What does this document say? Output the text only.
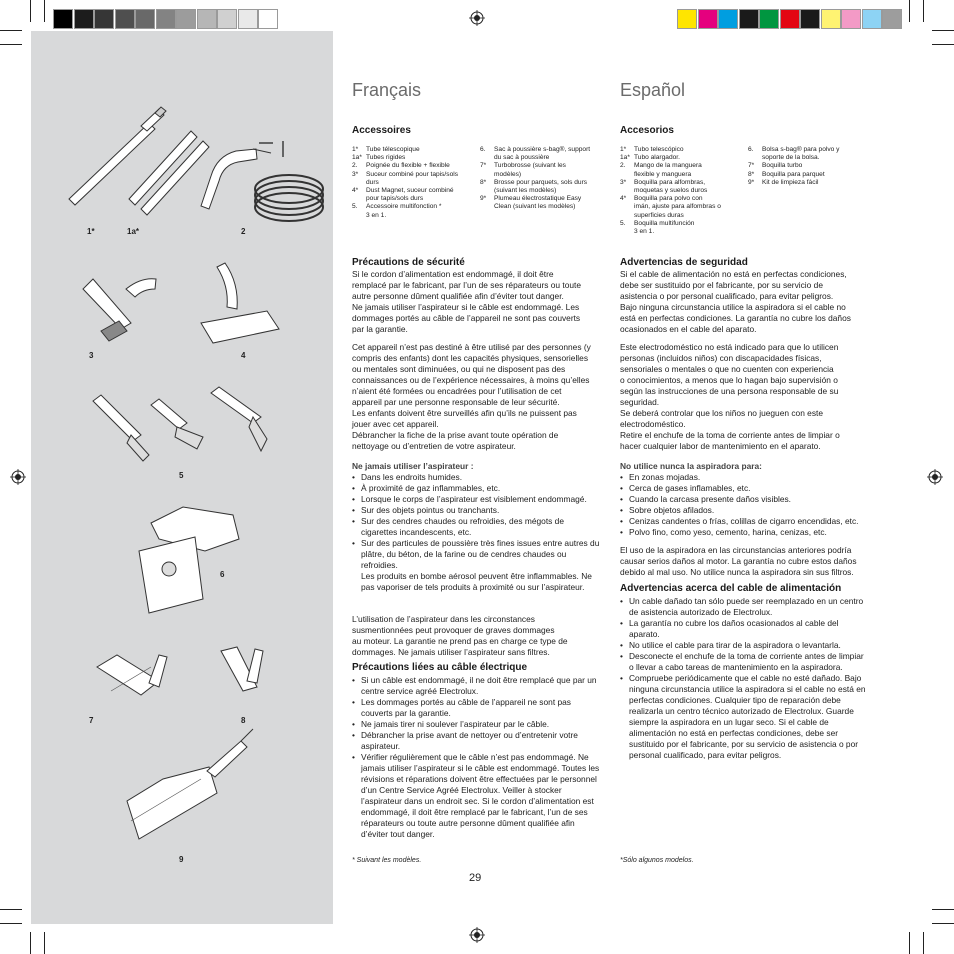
1*	1a*	2
3	4
5
6
7	8
9
Français
Accessoires
1*	Tube télescopique
1a* Tubes rigides
2.	Poignée du flexible + flexible
3*	Suceur combiné pour tapis/sols
durs
4*	Dust Magnet, suceur combiné
pour tapis/sols durs
5.	Accessoire multifonction *
3 en 1.
6.	Sac à poussière s-bag®, support
du sac à poussière
7*	Turbobrosse (suivant les
modèles)
8*	Brosse pour parquets, sols durs
(suivant les modèles)
9*	Plumeau électrostatique Easy
Clean (suivant les modèles)
Précautions de sécurité

Si le cordon d’alimentation est endommagé, il doit être

remplacé par le fabricant, par l’un de ses réparateurs ou toute

autre personne dûment qualifiée afin d’éviter tout danger.

Ne jamais utiliser l’aspirateur si le câble est endommagé. Les

dommages portés au câble de l’appareil ne sont pas couverts

par la garantie.

Cet appareil n’est pas destiné à être utilisé par des personnes (y

compris des enfants) dont les capacités physiques, sensorielles

ou mentales sont diminuées, ou qui ne disposent pas des

connaissances ou de l’expérience nécessaires, à moins qu’elles

n’aient été formées ou encadrées pour l’utilisation de cet

appareil par une personne responsable de leur sécurité.

Les enfants doivent être surveillés afin qu’ils ne puissent pas

jouer avec cet appareil.

Débrancher la fiche de la prise avant toute opération de

nettoyage ou d’entretien de votre aspirateur.

Ne jamais utiliser l’aspirateur :
• Dans les endroits humides.
• À proximité de gaz inflammables, etc.
• Lorsque le corps de l’aspirateur est visiblement endommagé.
• Sur des objets pointus ou tranchants.
• Sur des cendres chaudes ou refroidies, des mégots de cigarettes incandescents, etc.
• Sur des particules de poussière très fines issues entre autres du plâtre, du béton, de la farine ou de cendres chaudes ou refroidies.
Les produits en bombe aérosol peuvent être inflammables. Ne pas vaporiser de tels produits à proximité ou sur l’aspirateur.

L’utilisation de l’aspirateur dans les circonstances

susmentionnées peut provoquer de graves dommages

au moteur. La garantie ne prend pas en charge ce type de

dommages. Ne jamais utiliser l’aspirateur sans filtres.

Précautions liées au câble électrique
• Si un câble est endommagé, il ne doit être remplacé que par un centre service agréé Electrolux.
• Les dommages portés au câble de l’appareil ne sont pas couverts par la garantie.
• Ne jamais tirer ni soulever l’aspirateur par le câble.
• Débrancher la prise avant de nettoyer ou d’entretenir votre aspirateur.
• Vérifier régulièrement que le câble n’est pas endommagé. Ne jamais utiliser l’aspirateur si le câble est endommagé. Toutes les révisions et réparations doivent être effectuées par le personnel d’un Centre Service Agréé Electrolux. Veiller à stocker l’aspirateur dans un endroit sec. Si le cordon d’alimentation est endommagé, il doit être remplacé par le fabricant, l’un de ses réparateurs ou toute autre personne dûment qualifiée afin d’éviter tout danger.
* Suivant les modèles.
Español
Accesorios
1*	Tubo telescópico
1a* Tubo alargador.
2.	Mango de la manguera
flexible y manguera
3*	Boquilla para alfombras,
moquetas y suelos duros
4*	Boquilla para polvo con
imán, ajuste para alfombras o
superficies duras
5.	Boquilla multifunción
3 en 1.
6.	Bolsa s-bag® para polvo y
soporte de la bolsa.
7*	Boquilla turbo
8*	Boquilla para parquet
9*	Kit de limpieza fácil
Advertencias de seguridad

Si el cable de alimentación no está en perfectas condiciones,

debe ser sustituido por el fabricante, por su servicio de

asistencia o por personal cualificado, para evitar peligros.

Bajo ninguna circunstancia utilice la aspiradora si el cable no

está en perfectas condiciones. La garantía no cubre los daños

ocasionados en el cable del aparato.

Este electrodoméstico no está indicado para que lo utilicen

personas (incluidos niños) con discapacidades físicas,

sensoriales o mentales o que no cuenten con experiencia

o conocimientos, a menos que lo hagan bajo supervisión o

según las instrucciones de una persona responsable de su

seguridad.

Se deberá controlar que los niños no jueguen con este

electrodoméstico.

Retire el enchufe de la toma de corriente antes de limpiar o

hacer cualquier labor de mantenimiento en el aparato.

No utilice nunca la aspiradora para:
• En zonas mojadas.
• Cerca de gases inflamables, etc.
• Cuando la carcasa presente daños visibles.
• Sobre objetos afilados.
• Cenizas candentes o frías, colillas de cigarro encendidas, etc.
• Polvo fino, como yeso, cemento, harina, cenizas, etc.

El uso de la aspiradora en las circunstancias anteriores podría

causar serios daños al motor. La garantía no cubre estos daños

debido al mal uso. No utilice nunca la aspiradora sin sus filtros.

Advertencias acerca del cable de alimentación
• Un cable dañado tan sólo puede ser reemplazado en un centro de asistencia autorizado de Electrolux.
• La garantía no cubre los daños ocasionados al cable del aparato.
• No utilice el cable para tirar de la aspiradora o levantarla.
• Desconecte el enchufe de la toma de corriente antes de limpiar o llevar a cabo tareas de mantenimiento en la aspiradora.
• Compruebe periódicamente que el cable no esté dañado. Bajo ninguna circunstancia utilice la aspiradora si el cable no está en perfectas condiciones. Cualquier tipo de reparación debe realizarla un centro técnico autorizado de Electrolux. Guarde siempre la aspiradora en un lugar seco. Si el cable de alimentación no está en perfectas condiciones, debe ser sustituido por el fabricante, por su servicio de asistencia o por personal cualificado, para evitar peligros.
*Sólo algunos modelos.
29
